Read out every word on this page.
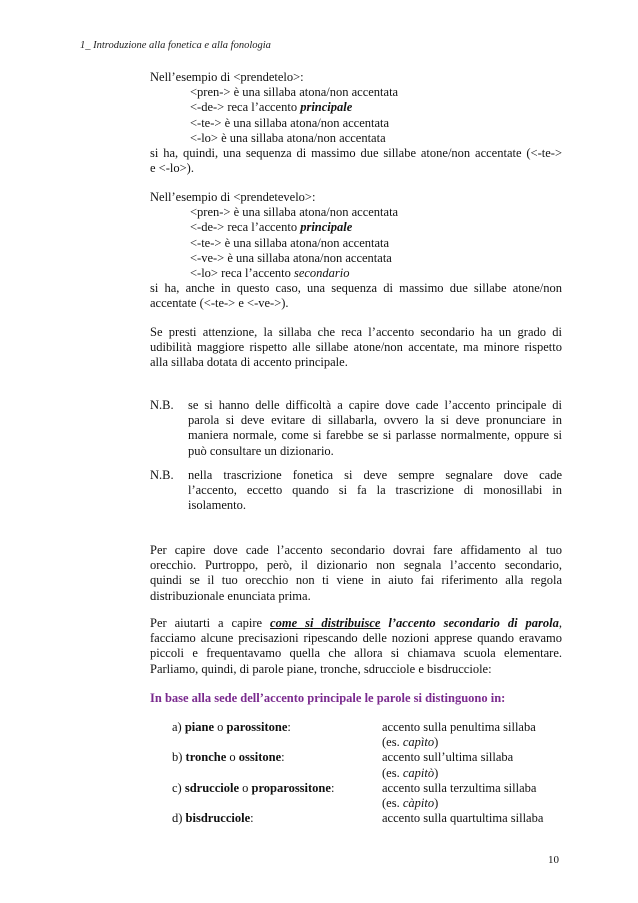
1_ Introduzione alla fonetica e alla fonologia
Nell’esempio di <prendetelo>:
<pren-> è una sillaba atona/non accentata
<-de-> reca l’accento principale
<-te-> è una sillaba atona/non accentata
<-lo> è una sillaba atona/non accentata
si ha, quindi, una sequenza di massimo due sillabe atone/non accentate (<-te->
e <-lo>).
Nell’esempio di <prendetevelo>:
<pren-> è una sillaba atona/non accentata
<-de-> reca l’accento principale
<-te-> è una sillaba atona/non accentata
<-ve-> è una sillaba atona/non accentata
<-lo> reca l’accento secondario
si ha, anche in questo caso, una sequenza di massimo due sillabe atone/non
accentate (<-te-> e <-ve->).
Se presti attenzione, la sillaba che reca l’accento secondario ha un grado di
udibilità maggiore rispetto alle sillabe atone/non accentate, ma minore rispetto
alla sillaba dotata di accento principale.
N.B.	se si hanno delle difficoltà a capire dove cade l’accento principale di
parola si deve evitare di sillabarla, ovvero la si deve pronunciare in
maniera normale, come si farebbe se si parlasse normalmente, oppure si
può consultare un dizionario.
N.B.	nella trascrizione fonetica si deve sempre segnalare dove cade
l’accento, eccetto quando si fa la trascrizione di monosillabi in
isolamento.
Per capire dove cade l’accento secondario dovrai fare affidamento al tuo
orecchio. Purtroppo, però, il dizionario non segnala l’accento secondario,
quindi se il tuo orecchio non ti viene in aiuto fai riferimento alla regola
distribuzionale enunciata prima.
Per aiutarti a capire come si distribuisce l’accento secondario di parola,
facciamo alcune precisazioni ripescando delle nozioni apprese quando eravamo
piccoli e frequentavamo quella che allora si chiamava scuola elementare.
Parliamo, quindi, di parole piane, tronche, sdrucciole e bisdrucciole:
In base alla sede dell’accento principale le parole si distinguono in:
a) piane o parossitone:	accento sulla penultima sillaba
(es. capìto)
b) tronche o ossitone:	accento sull’ultima sillaba
(es. capitò)
c) sdrucciole o proparossitone:	accento sulla terzultima sillaba
(es. càpito)
d) bisdrucciole:	accento sulla quartultima sillaba
10
